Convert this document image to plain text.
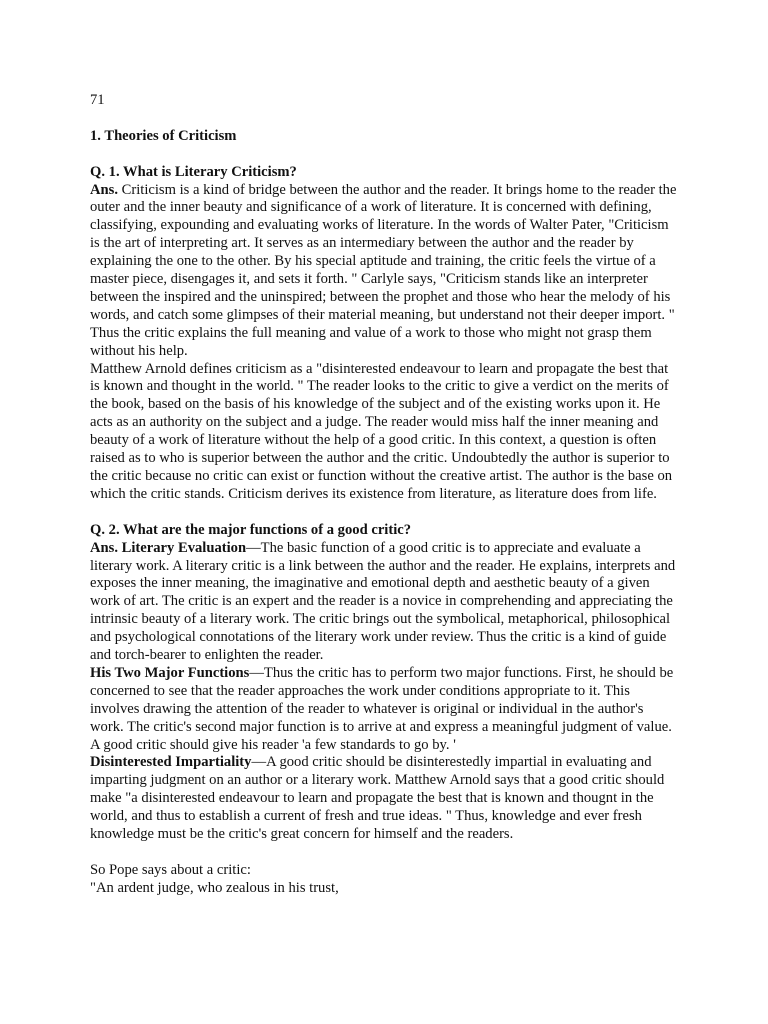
71

1. Theories of Criticism

Q. 1. What is Literary Criticism?

Ans. Criticism is a kind of bridge between the author and the reader. It brings home to the reader the outer and the inner beauty and significance of a work of literature. It is concerned with defining, classifying, expounding and evaluating works of literature. In the words of Walter Pater, "Criticism is the art of interpreting art. It serves as an intermediary between the author and the reader by explaining the one to the other. By his special aptitude and training, the critic feels the virtue of a master piece, disengages it, and sets it forth. " Carlyle says, "Criticism stands like an interpreter between the inspired and the uninspired; between the prophet and those who hear the melody of his words, and catch some glimpses of their material meaning, but understand not their deeper import. " Thus the critic explains the full meaning and value of a work to those who might not grasp them without his help.

Matthew Arnold defines criticism as a "disinterested endeavour to learn and propagate the best that is known and thought in the world. " The reader looks to the critic to give a verdict on the merits of the book, based on the basis of his knowledge of the subject and of the existing works upon it. He acts as an authority on the subject and a judge. The reader would miss half the inner meaning and beauty of a work of literature without the help of a good critic. In this context, a question is often raised as to who is superior between the author and the critic. Undoubtedly the author is superior to the critic because no critic can exist or function without the creative artist. The author is the base on which the critic stands. Criticism derives its existence from literature, as literature does from life.

Q. 2. What are the major functions of a good critic?

Ans. Literary Evaluation—The basic function of a good critic is to appreciate and evaluate a literary work. A literary critic is a link between the author and the reader. He explains, interprets and exposes the inner meaning, the imaginative and emotional depth and aesthetic beauty of a given work of art. The critic is an expert and the reader is a novice in comprehending and appreciating the intrinsic beauty of a literary work. The critic brings out the symbolical, metaphorical, philosophical and psychological connotations of the literary work under review. Thus the critic is a kind of guide and torch-bearer to enlighten the reader.

His Two Major Functions—Thus the critic has to perform two major functions. First, he should be concerned to see that the reader approaches the work under conditions appropriate to it. This involves drawing the attention of the reader to whatever is original or individual in the author's work. The critic's second major function is to arrive at and express a meaningful judgment of value. A good critic should give his reader 'a few standards to go by. '

Disinterested Impartiality—A good critic should be disinterestedly impartial in evaluating and imparting judgment on an author or a literary work. Matthew Arnold says that a good critic should make "a disinterested endeavour to learn and propagate the best that is known and thougnt in the world, and thus to establish a current of fresh and true ideas. " Thus, knowledge and ever fresh knowledge must be the critic's great concern for himself and the readers.

So Pope says about a critic:

"An ardent judge, who zealous in his trust,
